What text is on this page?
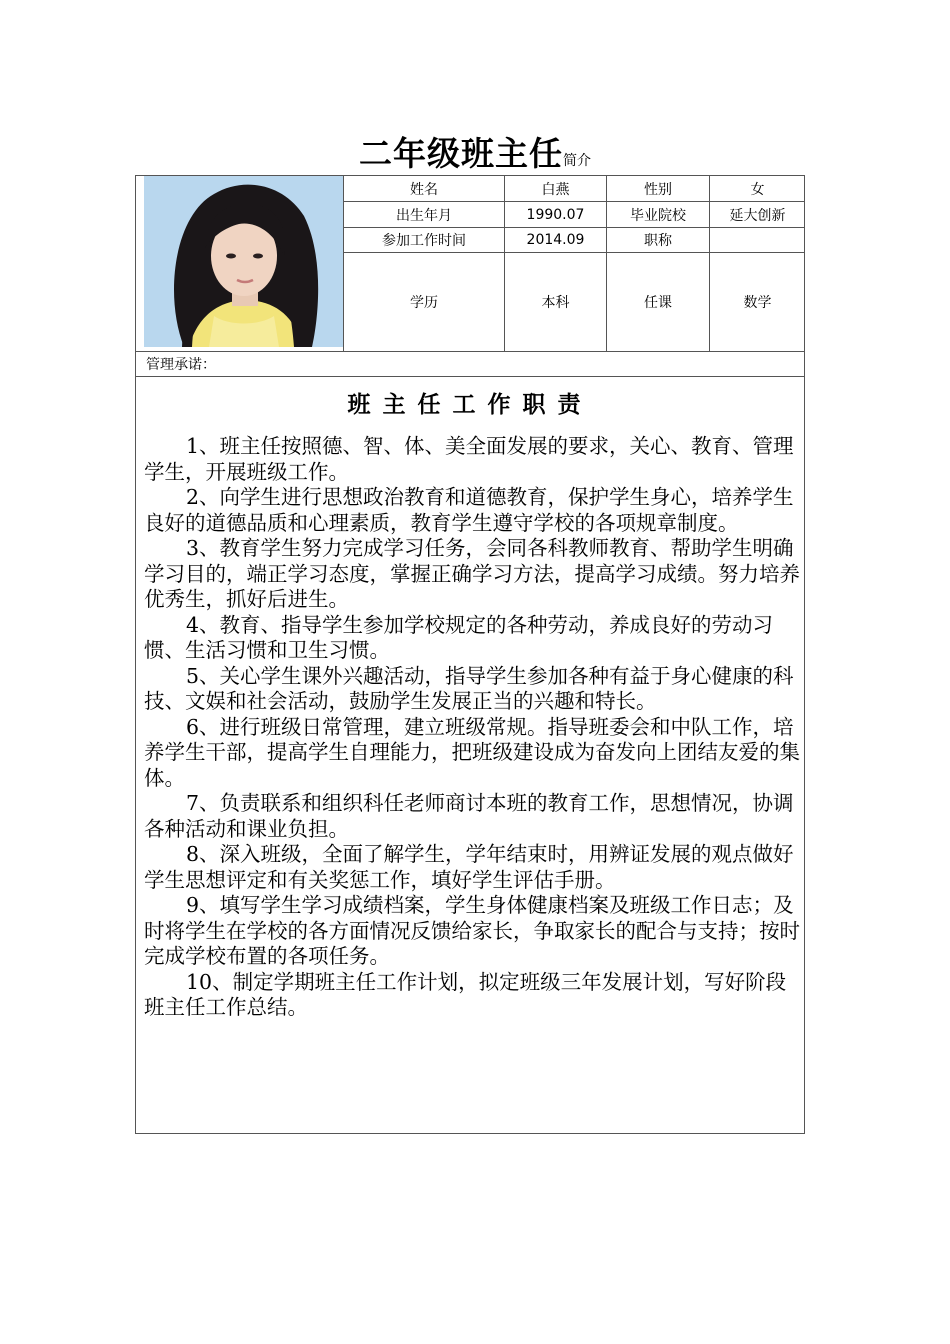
二年级班主任简介
姓名	白燕	性别	女
出生年月	1990.07	毕业院校	延大创新
参加工作时间	2014.09	职称
学历	本科	任课	数学
管理承诺：
班主任工作职责

1、班主任按照德、智、体、美全面发展的要求，关心、教育、管理学生，开展班级工作。

2、向学生进行思想政治教育和道德教育，保护学生身心，培养学生良好的道德品质和心理素质，教育学生遵守学校的各项规章制度。

3、教育学生努力完成学习任务，会同各科教师教育、帮助学生明确学习目的，端正学习态度，掌握正确学习方法，提高学习成绩。努力培养优秀生，抓好后进生。

4、教育、指导学生参加学校规定的各种劳动，养成良好的劳动习惯、生活习惯和卫生习惯。

5、关心学生课外兴趣活动，指导学生参加各种有益于身心健康的科技、文娱和社会活动，鼓励学生发展正当的兴趣和特长。

6、进行班级日常管理，建立班级常规。指导班委会和中队工作，培养学生干部，提高学生自理能力，把班级建设成为奋发向上团结友爱的集体。

7、负责联系和组织科任老师商讨本班的教育工作，思想情况，协调各种活动和课业负担。

8、深入班级，全面了解学生，学年结束时，用辨证发展的观点做好学生思想评定和有关奖惩工作，填好学生评估手册。

9、填写学生学习成绩档案，学生身体健康档案及班级工作日志；及时将学生在学校的各方面情况反馈给家长，争取家长的配合与支持；按时完成学校布置的各项任务。

10、制定学期班主任工作计划，拟定班级三年发展计划，写好阶段班主任工作总结。
